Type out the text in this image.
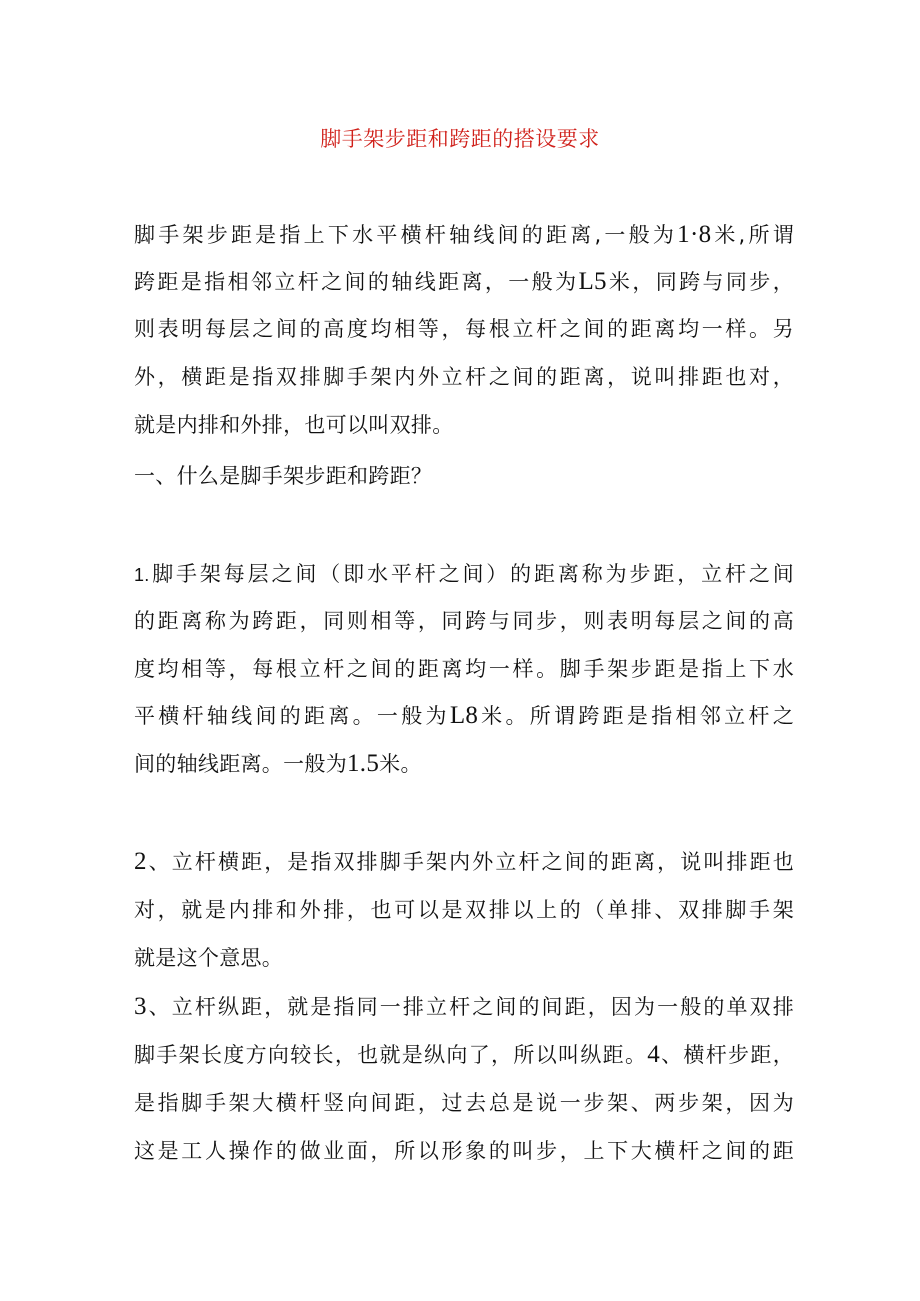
脚手架步距和跨距的搭设要求
脚手架步距是指上下水平横杆轴线间的距离,一般为1·8米,所谓
跨距是指相邻立杆之间的轴线距离，一般为L5米，同跨与同步，
则表明每层之间的高度均相等，每根立杆之间的距离均一样。另
外，横距是指双排脚手架内外立杆之间的距离，说叫排距也对，
就是内排和外排，也可以叫双排。
一、什么是脚手架步距和跨距？
1.脚手架每层之间（即水平杆之间）的距离称为步距，立杆之间
的距离称为跨距，同则相等，同跨与同步，则表明每层之间的高
度均相等，每根立杆之间的距离均一样。脚手架步距是指上下水
平横杆轴线间的距离。一般为L8米。所谓跨距是指相邻立杆之
间的轴线距离。一般为1.5米。
2、立杆横距，是指双排脚手架内外立杆之间的距离，说叫排距也
对，就是内排和外排，也可以是双排以上的（单排、双排脚手架
就是这个意思。
3、立杆纵距，就是指同一排立杆之间的间距，因为一般的单双排
脚手架长度方向较长，也就是纵向了，所以叫纵距。4、横杆步距，
是指脚手架大横杆竖向间距，过去总是说一步架、两步架，因为
这是工人操作的做业面，所以形象的叫步，上下大横杆之间的距
